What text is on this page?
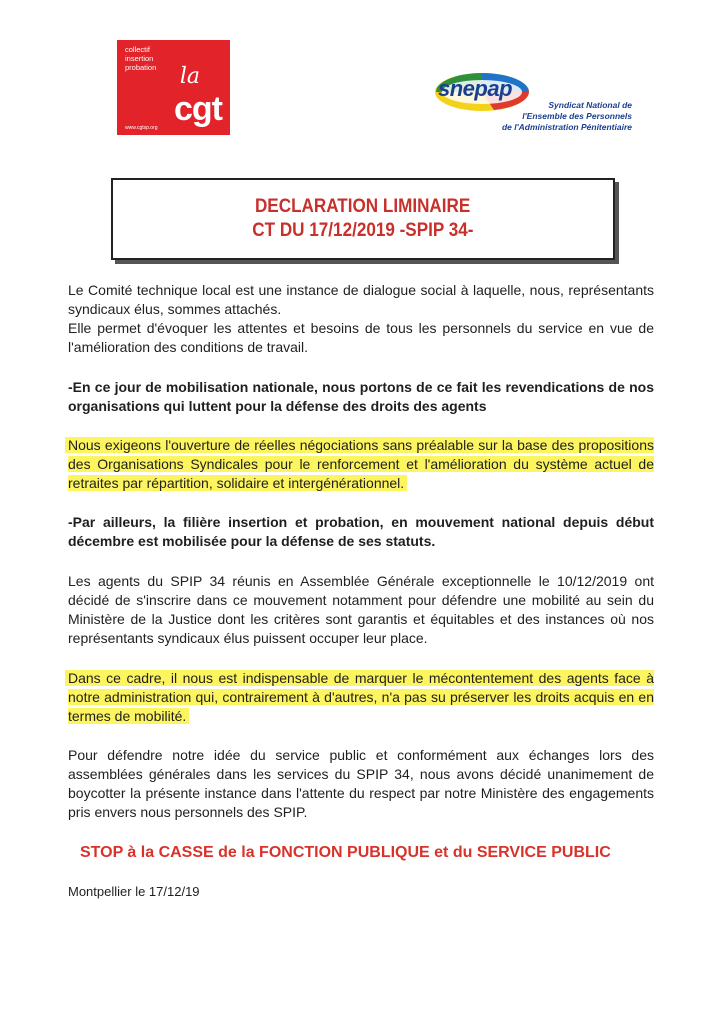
collectif
insertion
probation la
cgt
www.cgtsp.org
snepap
Syndicat National de
l'Ensemble des Personnels
de l'Administration Pénitentiaire
DECLARATION LIMINAIRE
CT DU 17/12/2019 -SPIP 34-

Le Comité technique local est une instance de dialogue social à laquelle, nous, représentants syndicaux élus, sommes attachés.
Elle permet d'évoquer les attentes et besoins de tous les personnels du service en vue de l'amélioration des conditions de travail.

-En ce jour de mobilisation nationale, nous portons de ce fait les revendications de nos organisations qui luttent pour la défense des droits des agents

Nous exigeons l'ouverture de réelles négociations sans préalable sur la base des propositions des Organisations Syndicales pour le renforcement et l'amélioration du système actuel de retraites par répartition, solidaire et intergénérationnel.

-Par ailleurs, la filière insertion et probation, en mouvement national depuis début décembre est mobilisée pour la défense de ses statuts.

Les agents du SPIP 34 réunis en Assemblée Générale exceptionnelle le 10/12/2019 ont décidé de s'inscrire dans ce mouvement notamment pour défendre une mobilité au sein du Ministère de la Justice dont les critères sont garantis et équitables et des instances où nos représentants syndicaux élus puissent occuper leur place.

Dans ce cadre, il nous est indispensable de marquer le mécontentement des agents face à notre administration qui, contrairement à d'autres, n'a pas su préserver les droits acquis en en termes de mobilité.

Pour défendre notre idée du service public et conformément aux échanges lors des assemblées générales dans les services du SPIP 34, nous avons décidé unanimement de boycotter la présente instance dans l'attente du respect par notre Ministère des engagements pris envers nous personnels des SPIP.

STOP à la CASSE de la FONCTION PUBLIQUE et du SERVICE PUBLIC

Montpellier le 17/12/19
